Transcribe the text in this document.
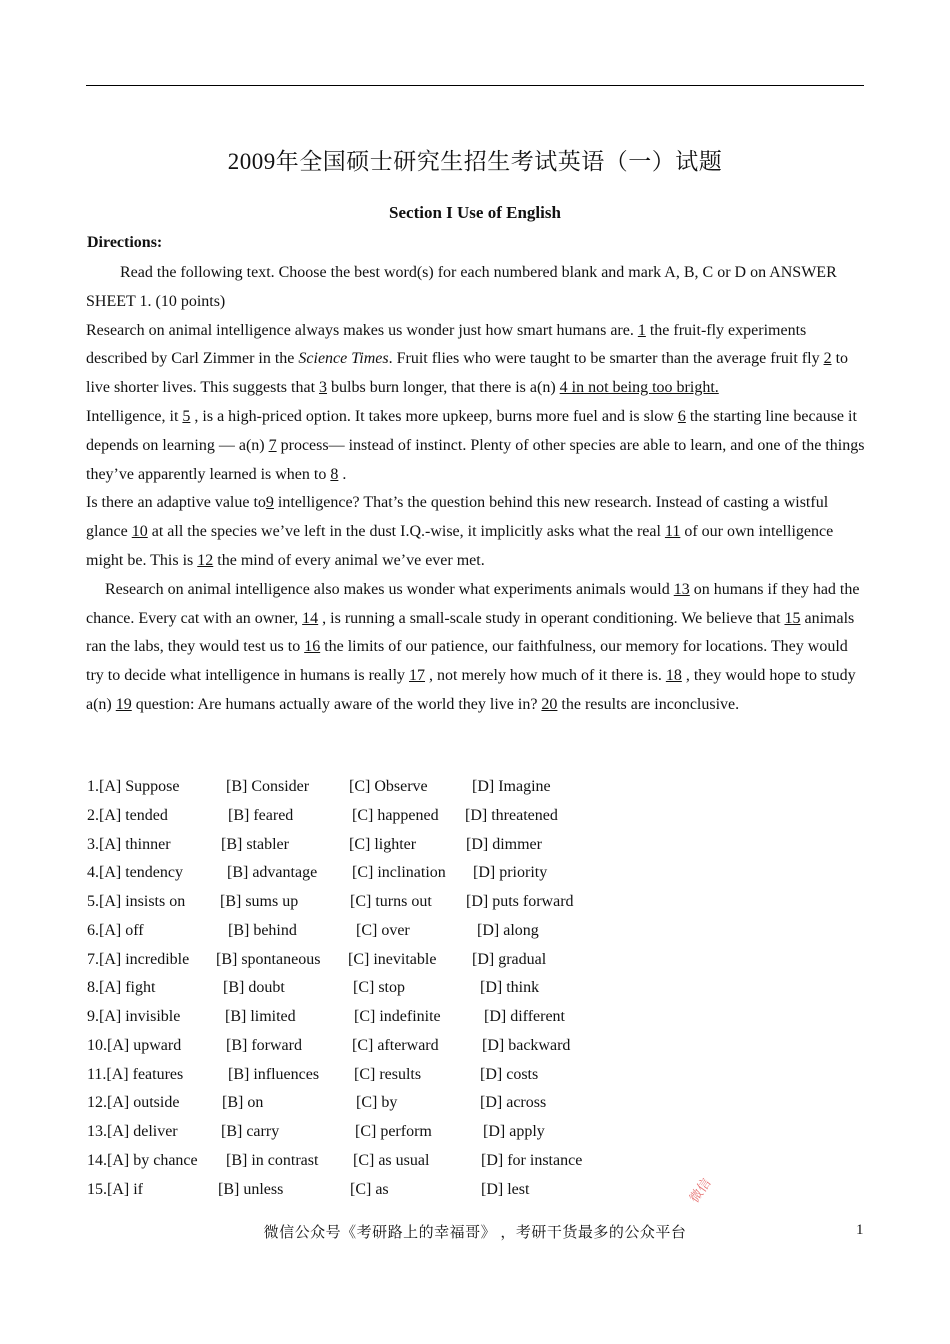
2009年全国硕士研究生招生考试英语（一）试题
Section I Use of English
Directions:

Read the following text. Choose the best word(s) for each numbered blank and mark A, B, C or D on ANSWER SHEET 1. (10 points)

Research on animal intelligence always makes us wonder just how smart humans are. 1 the fruit-fly experiments described by Carl Zimmer in the Science Times. Fruit flies who were taught to be smarter than the average fruit fly 2 to live shorter lives. This suggests that 3 bulbs burn longer, that there is a(n) 4 in not being too bright.

Intelligence, it 5 , is a high-priced option. It takes more upkeep, burns more fuel and is slow 6 the starting line because it depends on learning — a(n) 7 process— instead of instinct. Plenty of other species are able to learn, and one of the things they’ve apparently learned is when to 8 .

Is there an adaptive value to9 intelligence? That’s the question behind this new research. Instead of casting a wistful glance 10 at all the species we’ve left in the dust I.Q.-wise, it implicitly asks what the real 11 of our own intelligence might be. This is 12 the mind of every animal we’ve ever met.

Research on animal intelligence also makes us wonder what experiments animals would 13 on humans if they had the chance. Every cat with an owner, 14 , is running a small-scale study in operant conditioning. We believe that 15 animals ran the labs, they would test us to 16 the limits of our patience, our faithfulness, our memory for locations. They would try to decide what intelligence in humans is really 17 , not merely how much of it there is. 18 , they would hope to study a(n) 19 question: Are humans actually aware of the world they live in? 20 the results are inconclusive.

1.[A] Suppose	[B] Consider [C] Observe	[D] Imagine
2.[A] tended	[B] feared	[C] happened [D] threatened
3.[A] thinner	[B] stabler	[C] lighter	[D] dimmer
4.[A] tendency	[B] advantage [C] inclination [D] priority
5.[A] insists on [B] sums up	[C] turns out [D] puts forward
6.[A] off	[B] behind	[C] over	[D] along
7.[A] incredible [B] spontaneous [C] inevitable [D] gradual
8.[A] fight	[B] doubt	[C] stop	[D] think
9.[A] invisible	[B] limited	[C] indefinite	[D] different
10.[A] upward	[B] forward	[C] afterward	[D] backward
11.[A] features	[B] influences [C] results	[D] costs
12.[A] outside	[B] on	[C] by	[D] across
13.[A] deliver	[B] carry	[C] perform	[D] apply
14.[A] by chance [B] in contrast [C] as usual	[D] for instance
15.[A] if	[B] unless	[C] as	[D] lest	微信
微信公众号《考研路上的幸福哥》 ，考研干货最多的公众平台	1
